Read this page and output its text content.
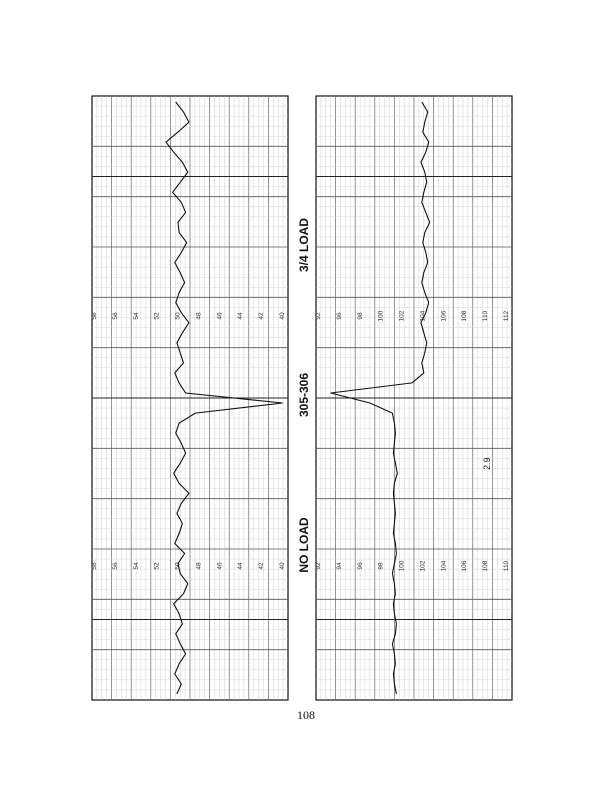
58 56 54 52 50 48 46 44 42 40
58 56 54 52 50 48 46 44 42 40
92 96 98 100 102 104 106 108 110 112
92 94 96 98 100 102 104 106 108 110
2.9
3/4 LOAD
305-306
NO LOAD
108
